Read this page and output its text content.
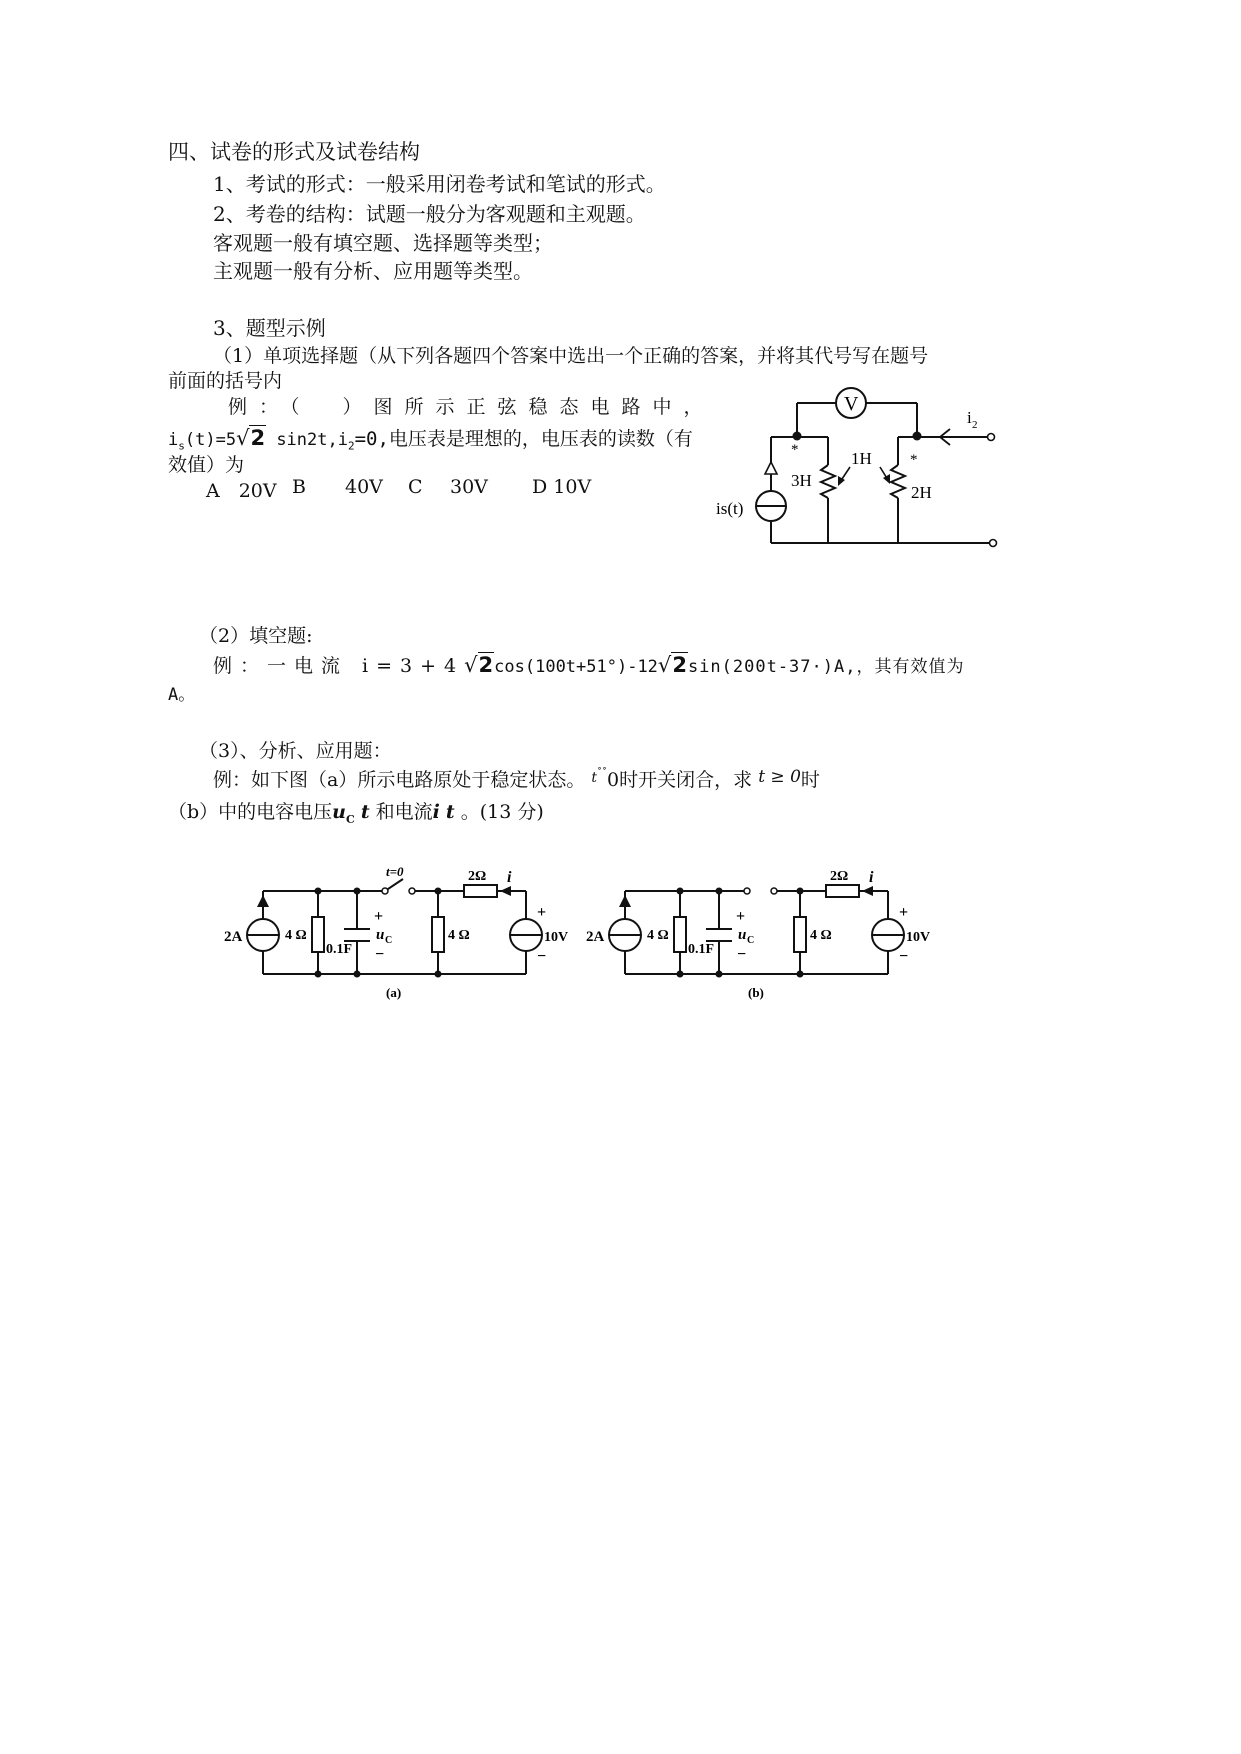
四、试卷的形式及试卷结构
1、考试的形式：一般采用闭卷考试和笔试的形式。
2、考卷的结构：试题一般分为客观题和主观题。
客观题一般有填空题、选择题等类型；
主观题一般有分析、应用题等类型。
3、题型示例
（1）单项选择题（从下列各题四个答案中选出一个正确的答案，并将其代号写在题号
前面的括号内
例：（　）图所示正弦稳态电路中，
$i_s(t)=5√2$ $\sin 2t,i_2=0$,电压表是理想的，电压表的读数（有
效值）为
A　20V B 40V C 30V D 10V
V
*
*
i 2
3H
1H
2H
is(t)
（2）填空题:
例：一电流 i=3+4√2cos(100t+51°)-12√2sin(200t-37·)A,，其有效值为
A。
（3）、分析、应用题：
例：如下图（a）所示电路原处于稳定状态。 $^{t˚˚}$0时开关闭合，求 t ≥ 0时
（b）中的电容电压$u_C$ t 和电流i t 。(13 分)
2A	4 Ω
0.1F
+
u C
−
4 Ω
2Ω i
+
10V
−
t=0
(a)
2A	4 Ω
0.1F
+
u C
−
4 Ω
2Ω i
+
10V
−
(b)
